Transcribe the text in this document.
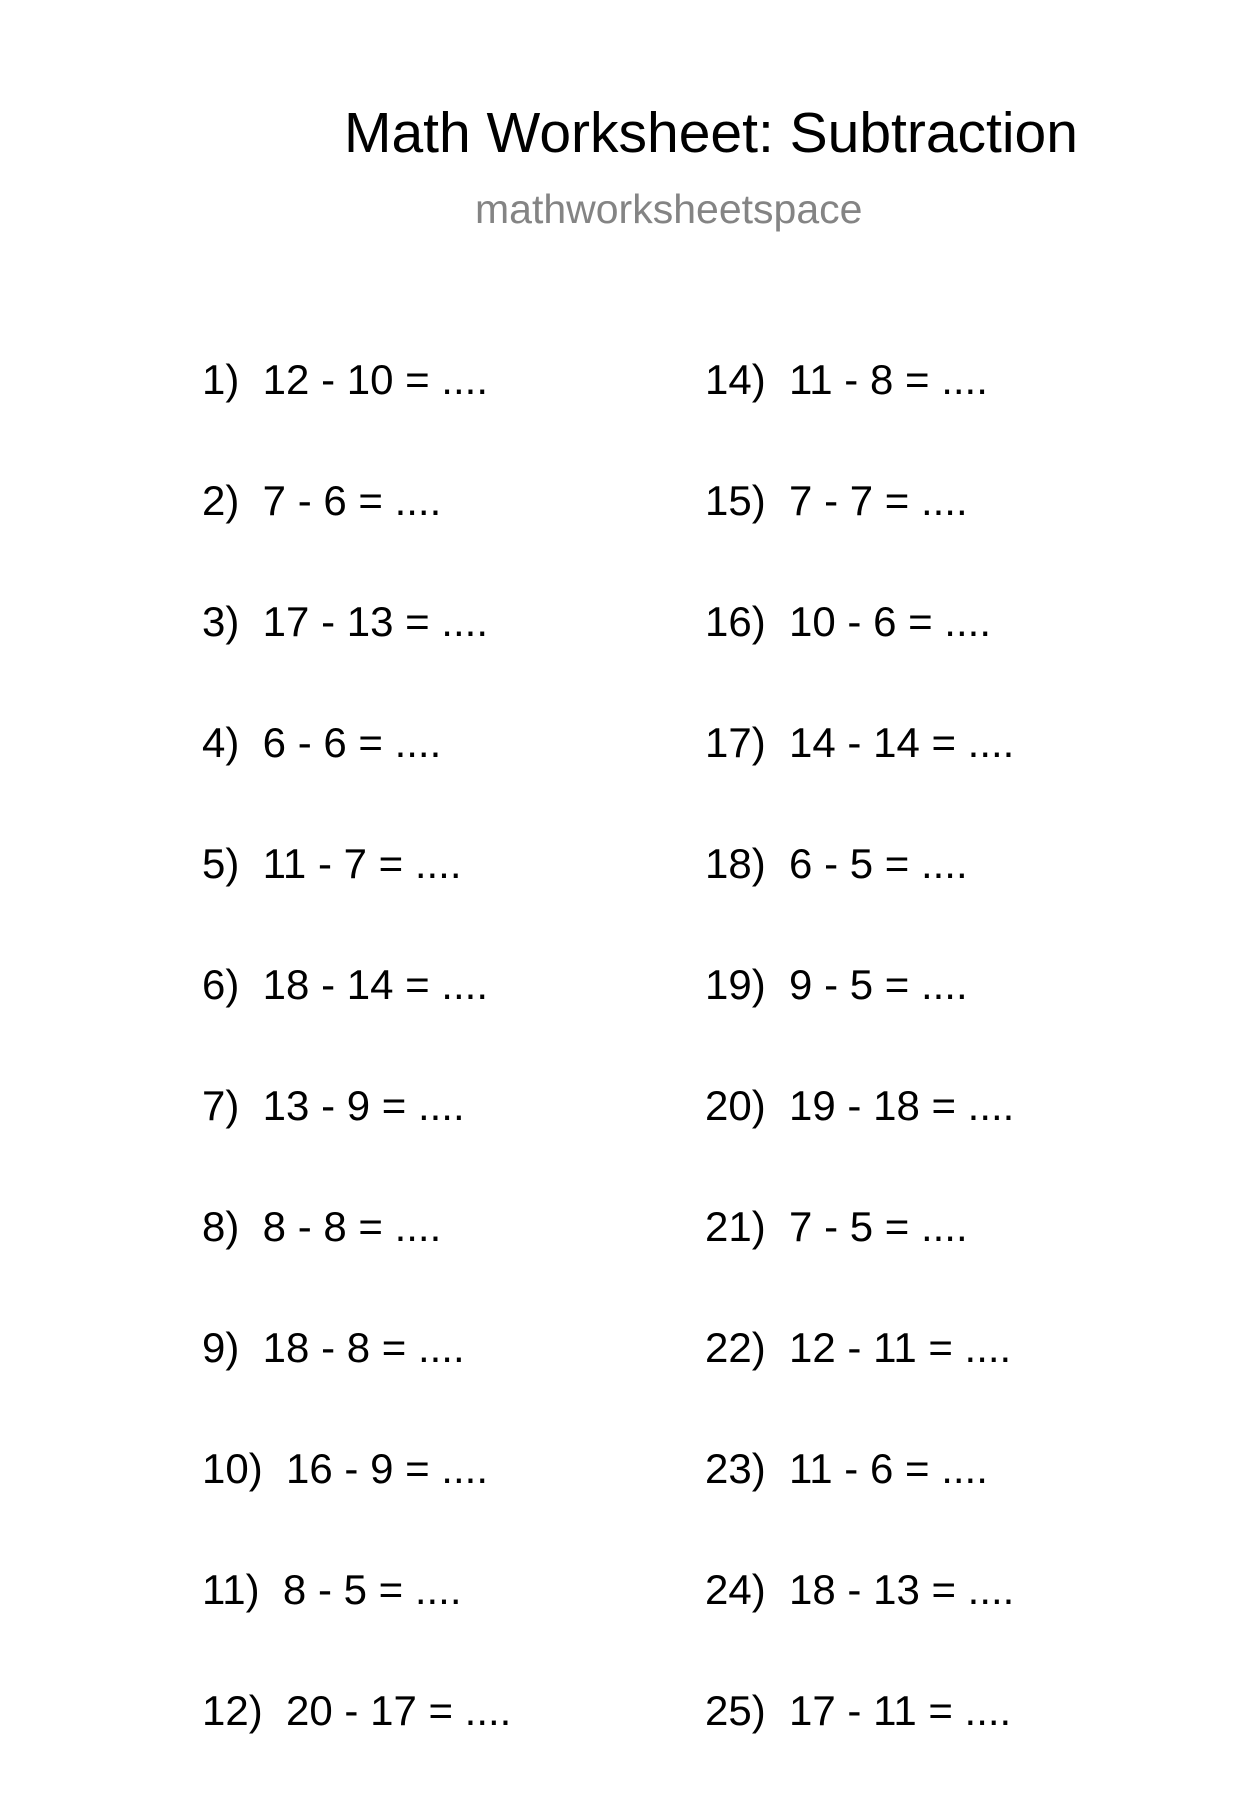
Math Worksheet: Subtraction
mathworksheetspace
1)  12 - 10 = ....
2)  7 - 6 = ....
3)  17 - 13 = ....
4)  6 - 6 = ....
5)  11 - 7 = ....
6)  18 - 14 = ....
7)  13 - 9 = ....
8)  8 - 8 = ....
9)  18 - 8 = ....
10)  16 - 9 = ....
11)  8 - 5 = ....
12)  20 - 17 = ....
14)  11 - 8 = ....
15)  7 - 7 = ....
16)  10 - 6 = ....
17)  14 - 14 = ....
18)  6 - 5 = ....
19)  9 - 5 = ....
20)  19 - 18 = ....
21)  7 - 5 = ....
22)  12 - 11 = ....
23)  11 - 6 = ....
24)  18 - 13 = ....
25)  17 - 11 = ....
